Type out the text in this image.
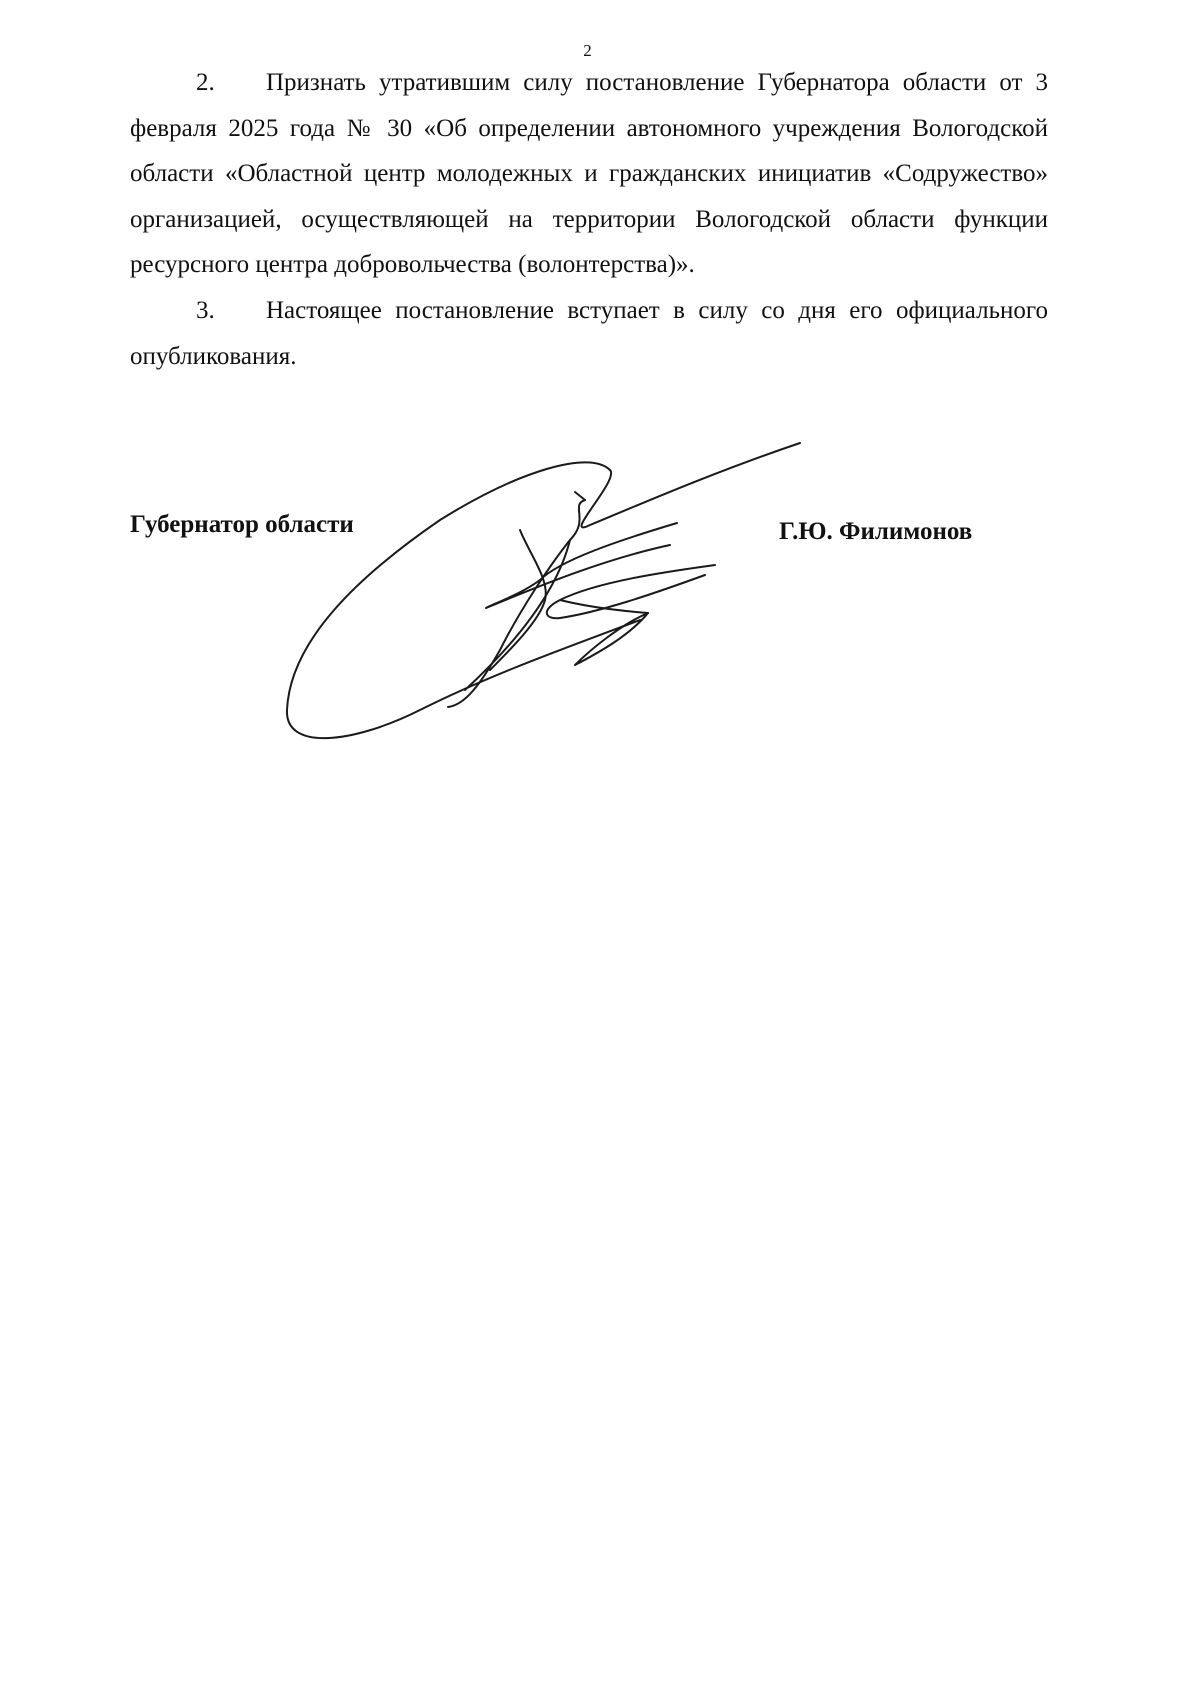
2

2. Признать утратившим силу постановление Губернатора области от 3 февраля 2025 года № 30 «Об определении автономного учреждения Вологодской области «Областной центр молодежных и гражданских инициатив «Содружество» организацией, осуществляющей на территории Вологодской области функции ресурсного центра добровольчества (волонтерства)».

3. Настоящее постановление вступает в силу со дня его официального опубликования.

Губернатор области	Г.Ю. Филимонов
